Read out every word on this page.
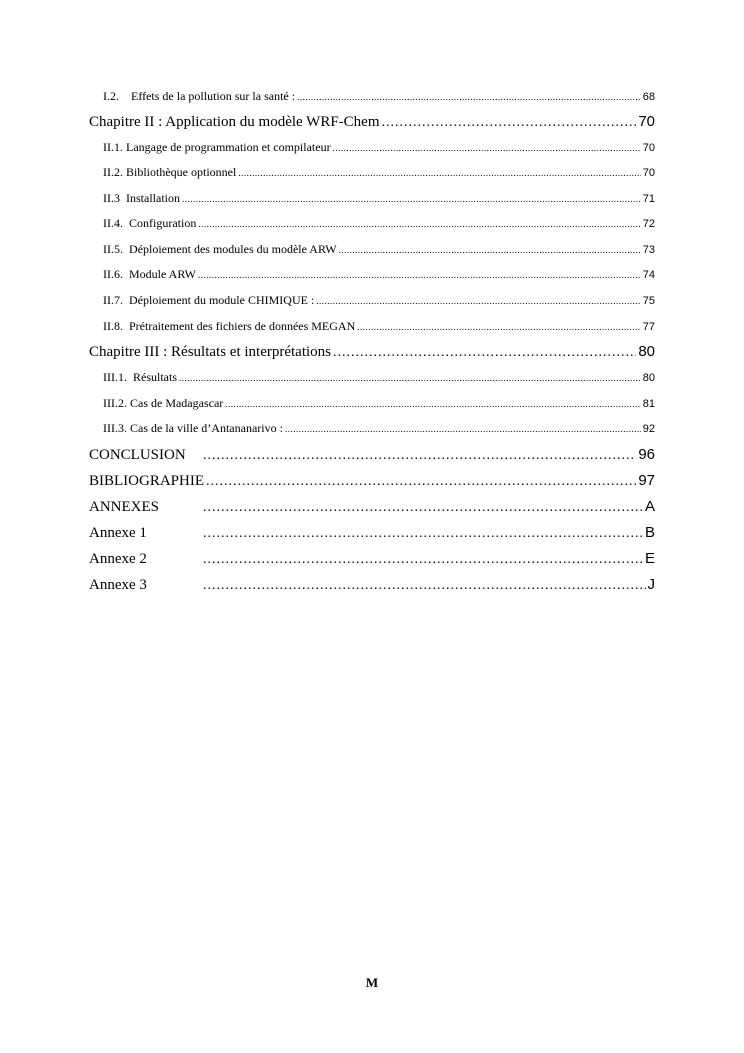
I.2.    Effets de la pollution sur la santé : .....	68
Chapitre II : Application du modèle WRF-Chem .....	70
II.1. Langage de programmation et compilateur .....	70
II.2. Bibliothèque optionnel .....	70
II.3  Installation .....	71
II.4.  Configuration .....	72
II.5.  Déploiement des modules du modèle ARW .....	73
II.6.  Module ARW .....	74
II.7.  Déploiement du module CHIMIQUE : .....	75
II.8.  Prétraitement des fichiers de données MEGAN .....	77
Chapitre III : Résultats et interprétations .....	80
III.1.  Résultats .....	80
III.2. Cas de Madagascar .....	81
III.3. Cas de la ville d’Antananarivo : .....	92
CONCLUSION .....	96
BIBLIOGRAPHIE .....	97
ANNEXES .....	A
Annexe 1 .....	B
Annexe 2 .....	E
Annexe 3 .....	J
M
